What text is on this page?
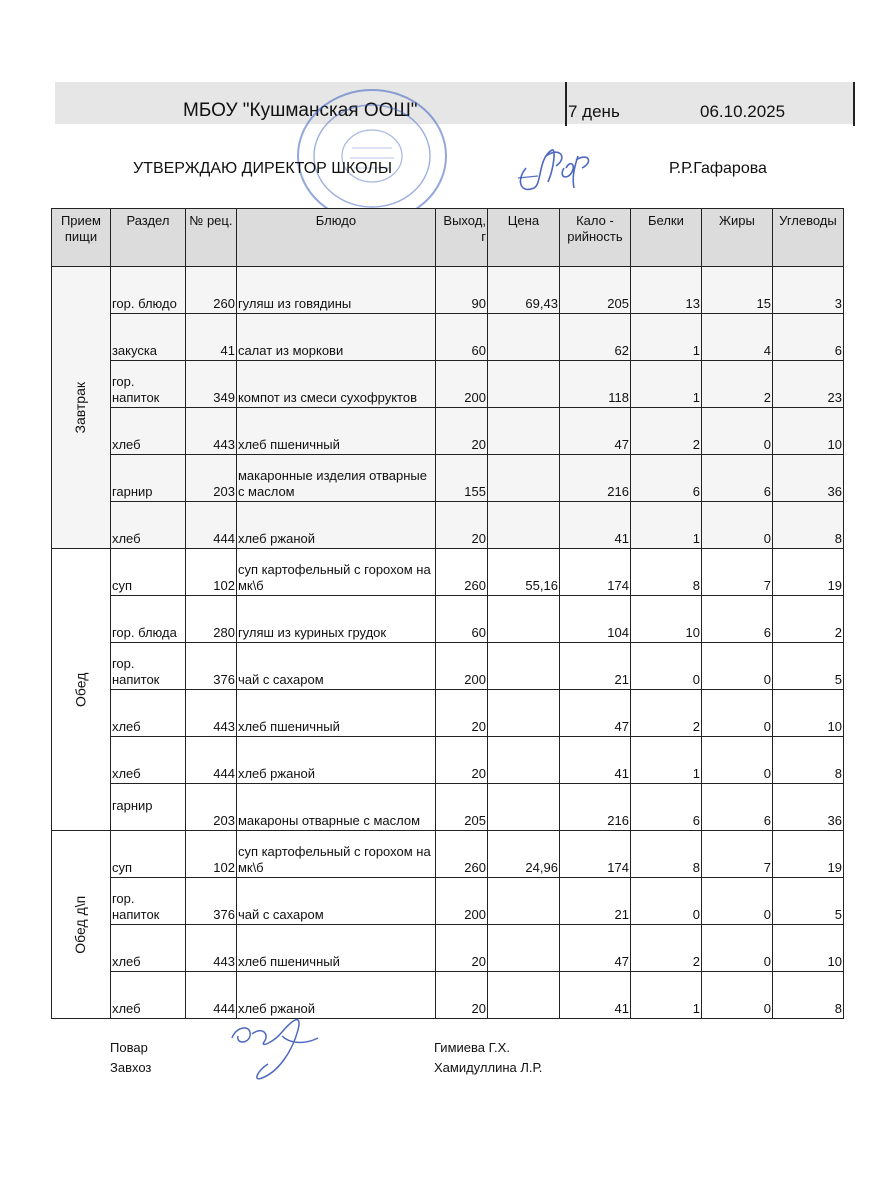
МБОУ "Кушманская ООШ"	7 день	06.10.2025
УТВЕРЖДАЮ ДИРЕКТОР ШКОЛЫ	Р.Р.Гафарова
Прием пищи	Раздел	№ рец.	Блюдо	Выход, г	Цена	Кало - рийность	Белки	Жиры	Углеводы
Завтрак	гор. блюдо	260	гуляш из говядины	90	69,43	205	13	15	3
	закуска	41	салат из моркови	60		62	1	4	6
	гор. напиток	349	компот из смеси сухофруктов	200		118	1	2	23
	хлеб	443	хлеб пшеничный	20		47	2	0	10
	гарнир	203	макаронные изделия отварные с маслом	155		216	6	6	36
	хлеб	444	хлеб ржаной	20		41	1	0	8
Обед	суп	102	суп картофельный с горохом на мк\б	260	55,16	174	8	7	19
	гор. блюда	280	гуляш из куриных грудок	60		104	10	6	2
	гор. напиток	376	чай с сахаром	200		21	0	0	5
	хлеб	443	хлеб пшеничный	20		47	2	0	10
	хлеб	444	хлеб ржаной	20		41	1	0	8
	гарнир	203	макароны отварные с маслом	205		216	6	6	36
Обед д\п	суп	102	суп картофельный с горохом на мк\б	260	24,96	174	8	7	19
	гор. напиток	376	чай с сахаром	200		21	0	0	5
	хлеб	443	хлеб пшеничный	20		47	2	0	10
	хлеб	444	хлеб ржаной	20		41	1	0	8
Повар
Завхоз
Гимиева Г.Х.
Хамидуллина Л.Р.
